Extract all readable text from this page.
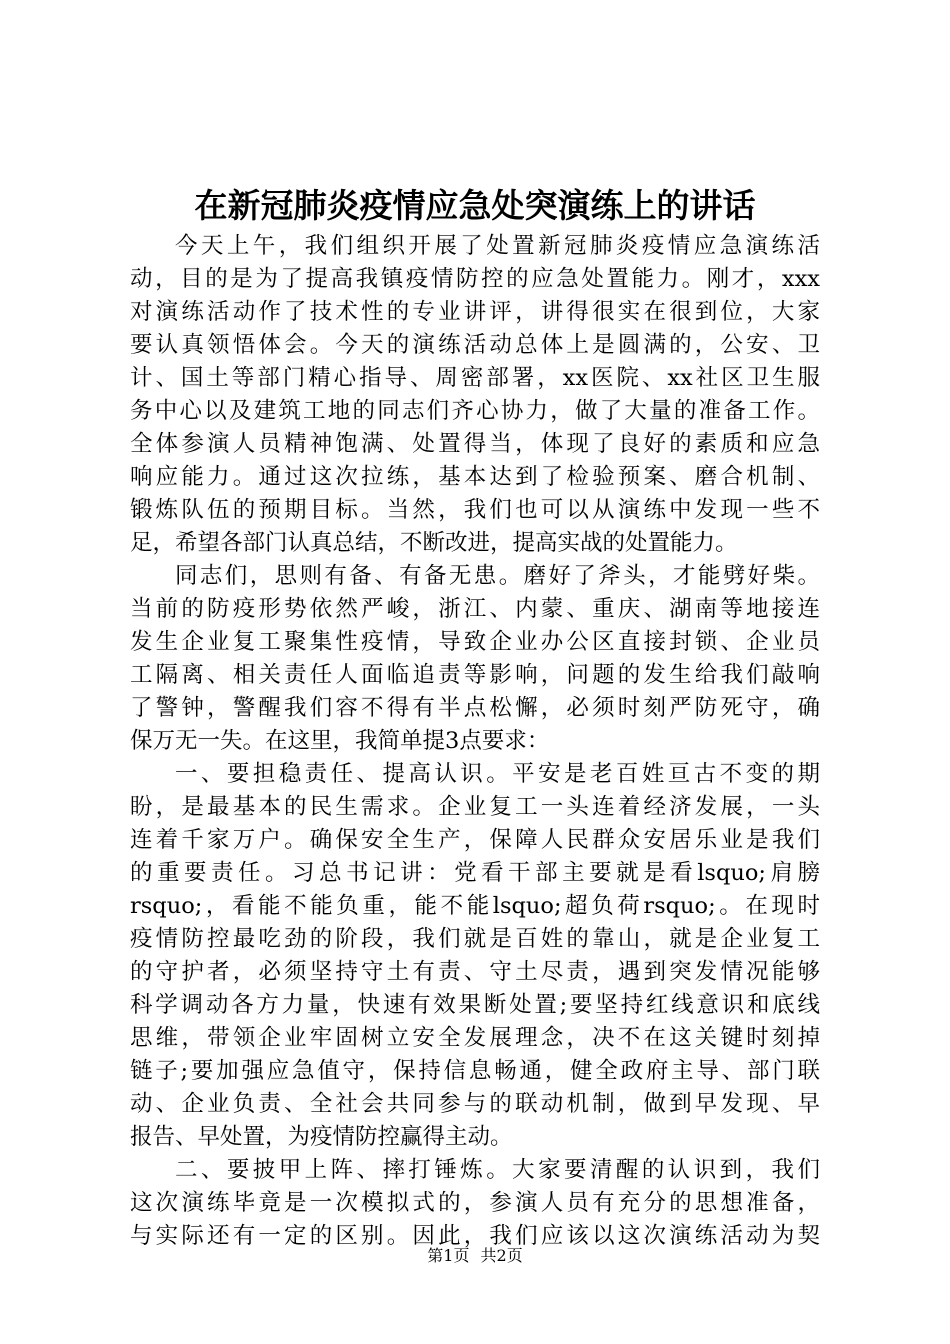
在新冠肺炎疫情应急处突演练上的讲话
今天上午，我们组织开展了处置新冠肺炎疫情应急演练活
动，目的是为了提高我镇疫情防控的应急处置能力。刚才，xxx
对演练活动作了技术性的专业讲评，讲得很实在很到位，大家
要认真领悟体会。今天的演练活动总体上是圆满的，公安、卫
计、国土等部门精心指导、周密部署，xx医院、xx社区卫生服
务中心以及建筑工地的同志们齐心协力，做了大量的准备工作。
全体参演人员精神饱满、处置得当，体现了良好的素质和应急
响应能力。通过这次拉练，基本达到了检验预案、磨合机制、
锻炼队伍的预期目标。当然，我们也可以从演练中发现一些不
足，希望各部门认真总结，不断改进，提高实战的处置能力。
同志们，思则有备、有备无患。磨好了斧头，才能劈好柴。
当前的防疫形势依然严峻，浙江、内蒙、重庆、湖南等地接连
发生企业复工聚集性疫情，导致企业办公区直接封锁、企业员
工隔离、相关责任人面临追责等影响，问题的发生给我们敲响
了警钟，警醒我们容不得有半点松懈，必须时刻严防死守，确
保万无一失。在这里，我简单提3点要求：
一、要担稳责任、提高认识。平安是老百姓亘古不变的期
盼，是最基本的民生需求。企业复工一头连着经济发展，一头
连着千家万户。确保安全生产，保障人民群众安居乐业是我们
的重要责任。习总书记讲：党看干部主要就是看lsquo;肩膀
rsquo;，看能不能负重，能不能lsquo;超负荷rsquo;。在现时
疫情防控最吃劲的阶段，我们就是百姓的靠山，就是企业复工
的守护者，必须坚持守土有责、守土尽责，遇到突发情况能够
科学调动各方力量，快速有效果断处置;要坚持红线意识和底线
思维，带领企业牢固树立安全发展理念，决不在这关键时刻掉
链子;要加强应急值守，保持信息畅通，健全政府主导、部门联
动、企业负责、全社会共同参与的联动机制，做到早发现、早
报告、早处置，为疫情防控赢得主动。
二、要披甲上阵、摔打锤炼。大家要清醒的认识到，我们
这次演练毕竟是一次模拟式的，参演人员有充分的思想准备，
与实际还有一定的区别。因此，我们应该以这次演练活动为契
第1页 共2页
